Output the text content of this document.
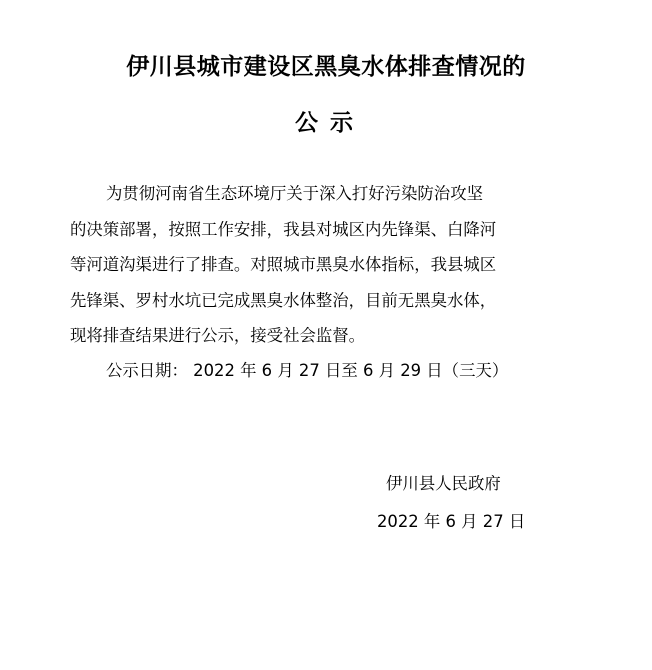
伊川县城市建设区黑臭水体排查情况的
公示
为贯彻河南省生态环境厅关于深入打好污染防治攻坚
的决策部署，按照工作安排，我县对城区内先锋渠、白降河
等河道沟渠进行了排查。对照城市黑臭水体指标，我县城区
先锋渠、罗村水坑已完成黑臭水体整治，目前无黑臭水体，
现将排查结果进行公示，接受社会监督。
公示日期： 2022 年 6 月 27 日至 6 月 29 日（三天）
伊川县人民政府
2022 年 6 月 27 日
